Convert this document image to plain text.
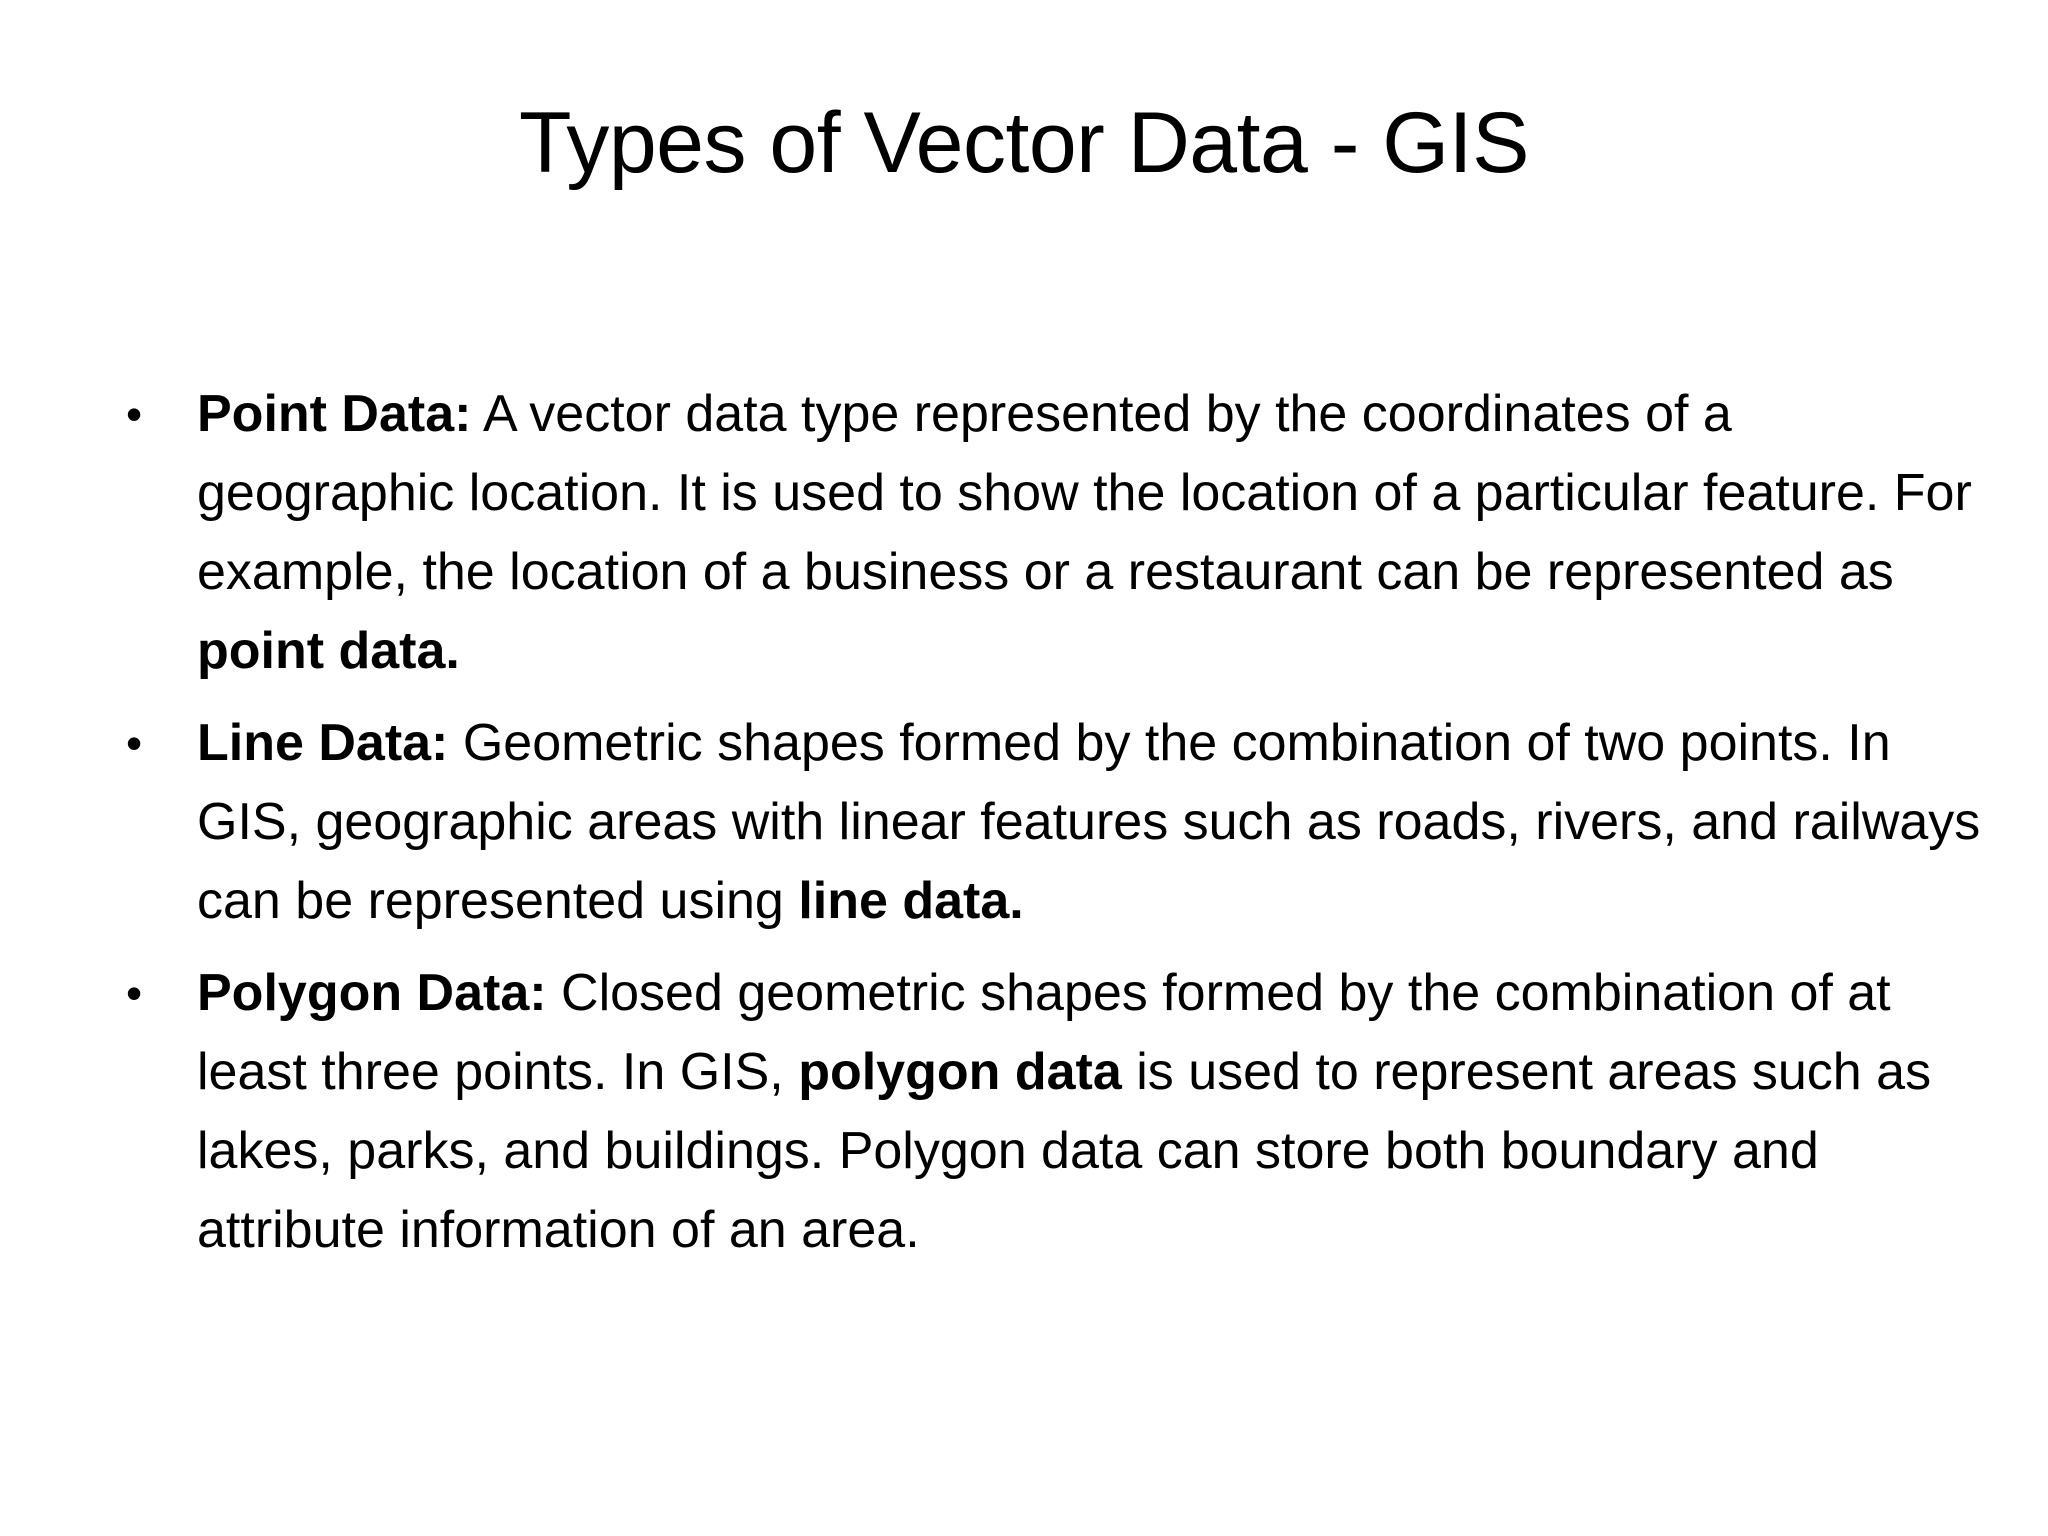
Types of Vector Data - GIS
• Point Data: A vector data type represented by the coordinates of a geographic location. It is used to show the location of a particular feature. For example, the location of a business or a restaurant can be represented as point data.
• Line Data: Geometric shapes formed by the combination of two points. In GIS, geographic areas with linear features such as roads, rivers, and railways can be represented using line data.
• Polygon Data: Closed geometric shapes formed by the combination of at least three points. In GIS, polygon data is used to represent areas such as lakes, parks, and buildings. Polygon data can store both boundary and attribute information of an area.
